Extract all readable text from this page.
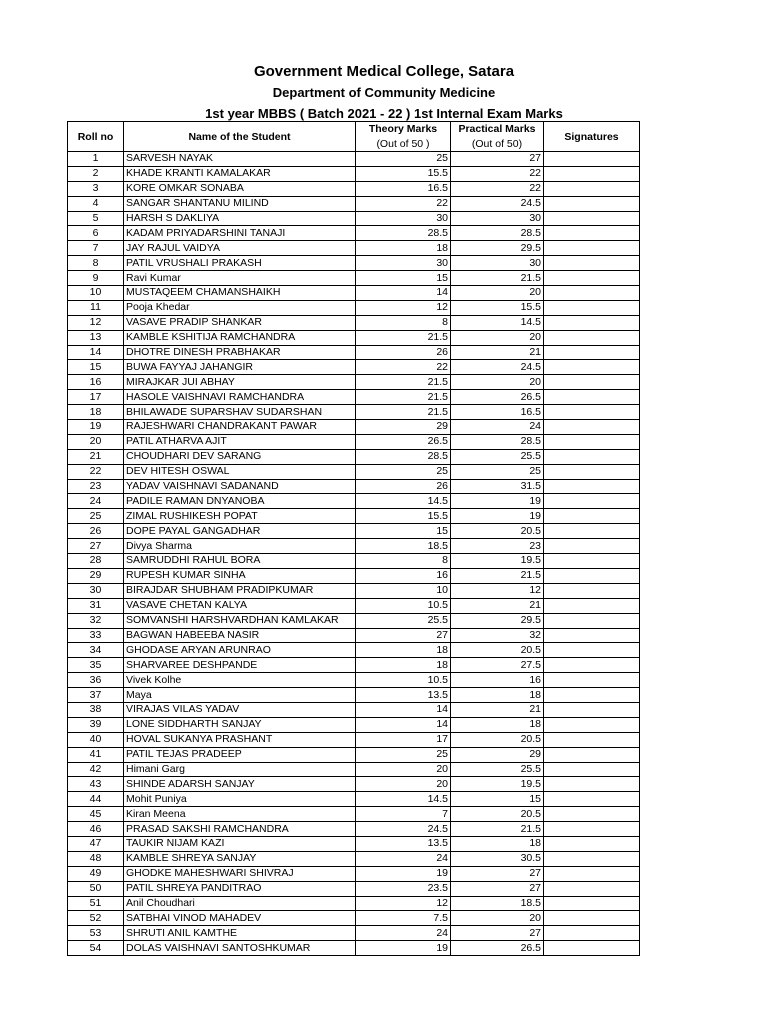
Government Medical College, Satara
Department of Community Medicine
1st year MBBS ( Batch 2021 - 22 ) 1st Internal Exam Marks
Roll no	Name of the Student	Theory Marks	Practical Marks	Signatures
		(Out of 50 )	(Out of 50)	
1	SARVESH NAYAK	25	27	
2	KHADE KRANTI KAMALAKAR	15.5	22	
3	KORE OMKAR SONABA	16.5	22	
4	SANGAR SHANTANU MILIND	22	24.5	
5	HARSH S DAKLIYA	30	30	
6	KADAM PRIYADARSHINI TANAJI	28.5	28.5	
7	JAY RAJUL VAIDYA	18	29.5	
8	PATIL VRUSHALI PRAKASH	30	30	
9	Ravi Kumar	15	21.5	
10	MUSTAQEEM CHAMANSHAIKH	14	20	
11	Pooja Khedar	12	15.5	
12	VASAVE PRADIP SHANKAR	8	14.5	
13	KAMBLE KSHITIJA RAMCHANDRA	21.5	20	
14	DHOTRE DINESH PRABHAKAR	26	21	
15	BUWA FAYYAJ JAHANGIR	22	24.5	
16	MIRAJKAR JUI ABHAY	21.5	20	
17	HASOLE VAISHNAVI RAMCHANDRA	21.5	26.5	
18	BHILAWADE SUPARSHAV SUDARSHAN	21.5	16.5	
19	RAJESHWARI CHANDRAKANT PAWAR	29	24	
20	PATIL ATHARVA AJIT	26.5	28.5	
21	CHOUDHARI DEV SARANG	28.5	25.5	
22	DEV HITESH OSWAL	25	25	
23	YADAV VAISHNAVI SADANAND	26	31.5	
24	PADILE RAMAN DNYANOBA	14.5	19	
25	ZIMAL RUSHIKESH POPAT	15.5	19	
26	DOPE PAYAL GANGADHAR	15	20.5	
27	Divya Sharma	18.5	23	
28	SAMRUDDHI RAHUL BORA	8	19.5	
29	RUPESH KUMAR SINHA	16	21.5	
30	BIRAJDAR SHUBHAM PRADIPKUMAR	10	12	
31	VASAVE CHETAN KALYA	10.5	21	
32	SOMVANSHI HARSHVARDHAN KAMLAKAR	25.5	29.5	
33	BAGWAN HABEEBA NASIR	27	32	
34	GHODASE ARYAN ARUNRAO	18	20.5	
35	SHARVAREE DESHPANDE	18	27.5	
36	Vivek Kolhe	10.5	16	
37	Maya	13.5	18	
38	VIRAJAS VILAS YADAV	14	21	
39	LONE SIDDHARTH SANJAY	14	18	
40	HOVAL SUKANYA PRASHANT	17	20.5	
41	PATIL TEJAS PRADEEP	25	29	
42	Himani Garg	20	25.5	
43	SHINDE ADARSH SANJAY	20	19.5	
44	Mohit Puniya	14.5	15	
45	Kiran Meena	7	20.5	
46	PRASAD SAKSHI RAMCHANDRA	24.5	21.5	
47	TAUKIR NIJAM KAZI	13.5	18	
48	KAMBLE SHREYA SANJAY	24	30.5	
49	GHODKE MAHESHWARI SHIVRAJ	19	27	
50	PATIL SHREYA PANDITRAO	23.5	27	
51	Anil Choudhari	12	18.5	
52	SATBHAI VINOD MAHADEV	7.5	20	
53	SHRUTI ANIL KAMTHE	24	27	
54	DOLAS VAISHNAVI SANTOSHKUMAR	19	26.5	
